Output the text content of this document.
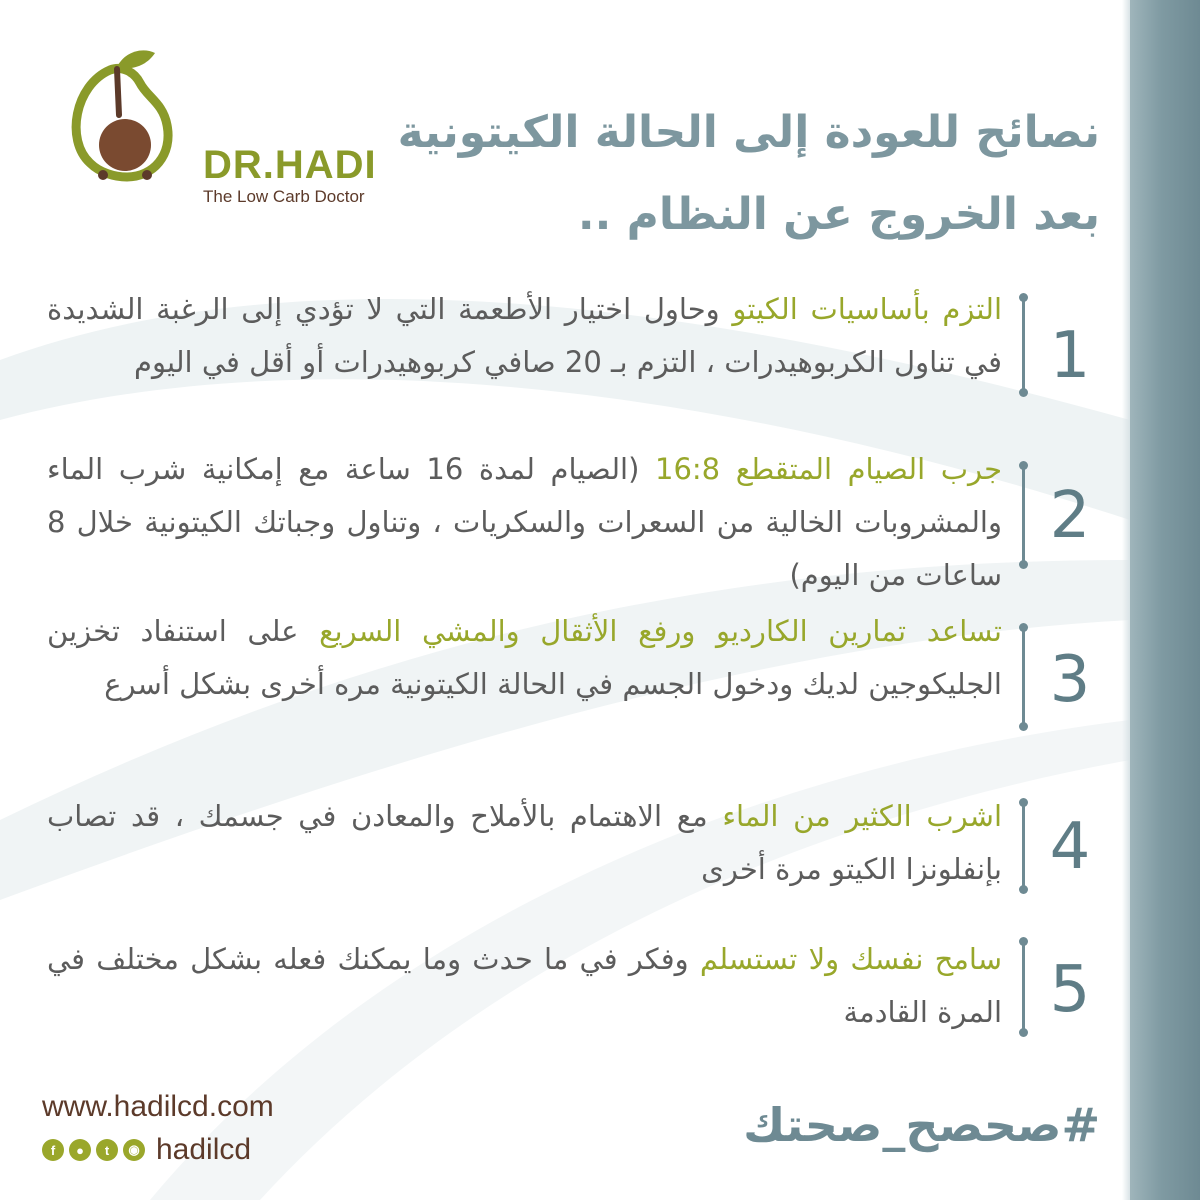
DR.HADI
The Low Carb Doctor
نصائح للعودة إلى الحالة الكيتونية
بعد الخروج عن النظام ..
1
التزم بأساسيات الكيتو وحاول اختيار الأطعمة التي لا تؤدي إلى الرغبة الشديدة في تناول الكربوهيدرات ، التزم بـ 20 صافي كربوهيدرات أو أقل في اليوم
2
جرب الصيام المتقطع 16:8 (الصيام لمدة 16 ساعة مع إمكانية شرب الماء والمشروبات الخالية من السعرات والسكريات ، وتناول وجباتك الكيتونية خلال 8 ساعات من اليوم)
3
تساعد تمارين الكارديو ورفع الأثقال والمشي السريع على استنفاد تخزين الجليكوجين لديك ودخول الجسم في الحالة الكيتونية مره أخرى بشكل أسرع
4
اشرب الكثير من الماء مع الاهتمام بالأملاح والمعادن في جسمك ، قد تصاب بإنفلونزا الكيتو مرة أخرى
5
سامح نفسك ولا تستسلم وفكر في ما حدث وما يمكنك فعله بشكل مختلف في المرة القادمة
www.hadilcd.com
f	●	t	◉ hadilcd	#صحصح_صحتك
